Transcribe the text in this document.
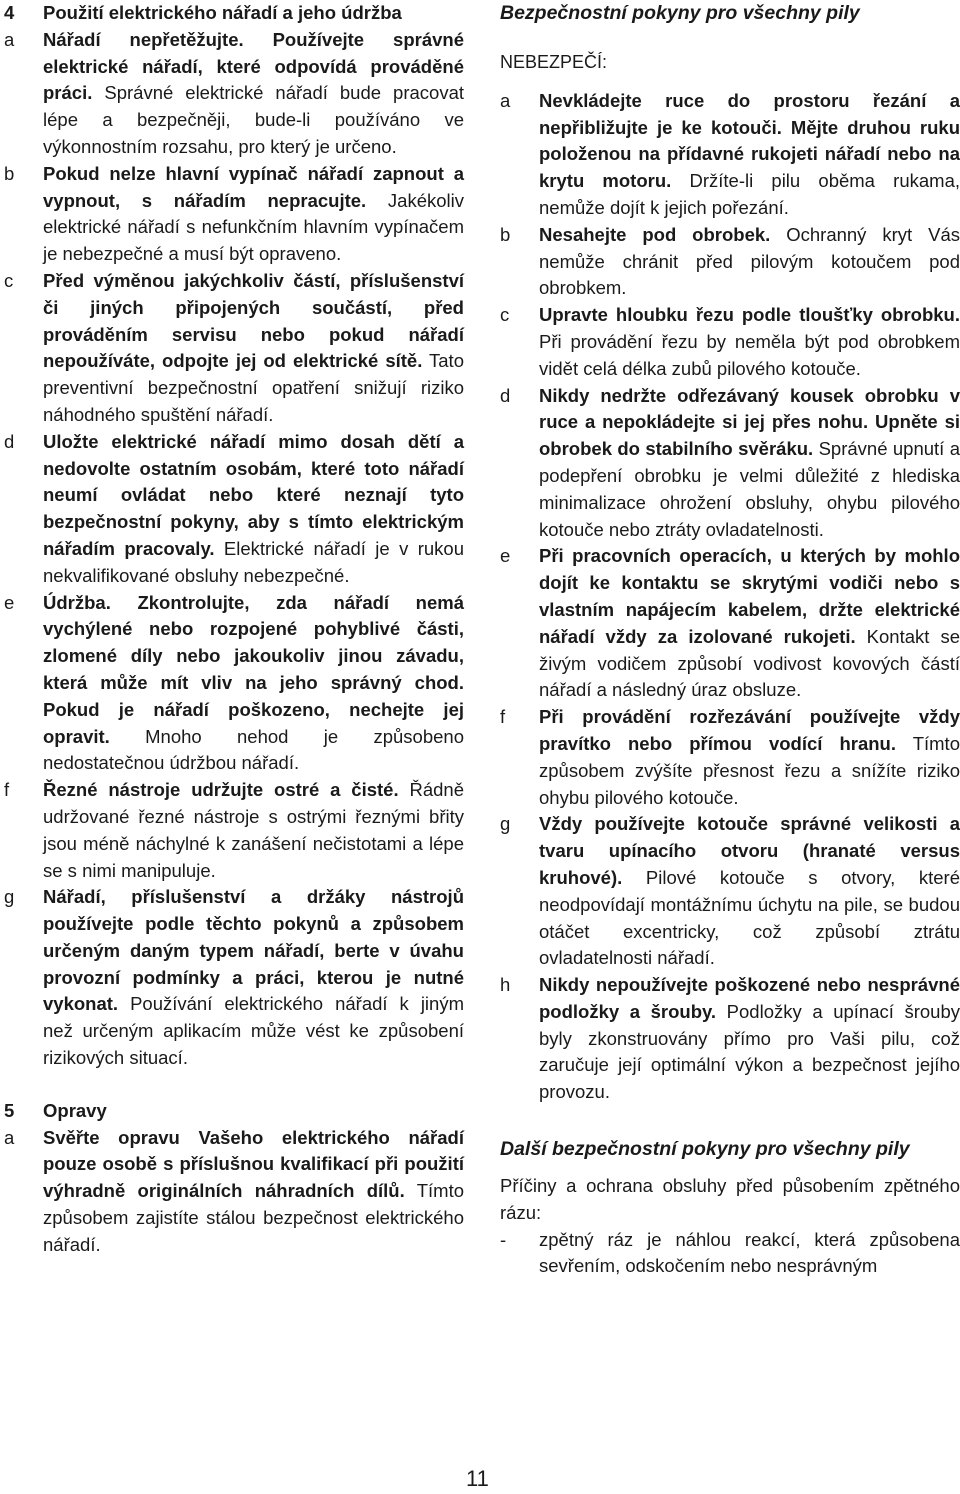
4	Použití elektrického nářadí a jeho údržba
a	Nářadí nepřetěžujte. Používejte správné elektrické nářadí, které odpovídá prováděné práci. Správné elektrické nářadí bude pracovat lépe a bezpečněji, bude-li používáno ve výkonnostním rozsahu, pro který je určeno.
b	Pokud nelze hlavní vypínač nářadí zapnout a vypnout, s nářadím nepracujte. Jakékoliv elektrické nářadí s nefunkčním hlavním vypínačem je nebezpečné a musí být opraveno.
c	Před výměnou jakýchkoliv částí, příslušenství či jiných připojených součástí, před prováděním servisu nebo pokud nářadí nepoužíváte, odpojte jej od elektrické sítě. Tato preventivní bezpečnostní opatření snižují riziko náhodného spuštění nářadí.
d	Uložte elektrické nářadí mimo dosah dětí a nedovolte ostatním osobám, které toto nářadí neumí ovládat nebo které neznají tyto bezpečnostní pokyny, aby s tímto elektrickým nářadím pracovaly. Elektrické nářadí je v rukou nekvalifikované obsluhy nebezpečné.
e	Údržba. Zkontrolujte, zda nářadí nemá vychýlené nebo rozpojené pohyblivé části, zlomené díly nebo jakoukoliv jinou závadu, která může mít vliv na jeho správný chod. Pokud je nářadí poškozeno, nechejte jej opravit. Mnoho nehod je způsobeno nedostatečnou údržbou nářadí.
f	Řezné nástroje udržujte ostré a čisté. Řádně udržované řezné nástroje s ostrými řeznými břity jsou méně náchylné k zanášení nečistotami a lépe se s nimi manipuluje.
g	Nářadí, příslušenství a držáky nástrojů používejte podle těchto pokynů a způsobem určeným daným typem nářadí, berte v úvahu provozní podmínky a práci, kterou je nutné vykonat. Používání elektrického nářadí k jiným než určeným aplikacím může vést ke způsobení rizikových situací.
5	Opravy
a	Svěřte opravu Vašeho elektrického nářadí pouze osobě s příslušnou kvalifikací při použití výhradně originálních náhradních dílů. Tímto způsobem zajistíte stálou bezpečnost elektrického nářadí.

Bezpečnostní pokyny pro všechny pily

NEBEZPEČÍ:

a	Nevkládejte ruce do prostoru řezání a nepřibližujte je ke kotouči. Mějte druhou ruku položenou na přídavné rukojeti nářadí nebo na krytu motoru. Držíte-li pilu oběma rukama, nemůže dojít k jejich pořezání.
b	Nesahejte pod obrobek. Ochranný kryt Vás nemůže chránit před pilovým kotoučem pod obrobkem.
c	Upravte hloubku řezu podle tloušťky obrobku. Při provádění řezu by neměla být pod obrobkem vidět celá délka zubů pilového kotouče.
d	Nikdy nedržte odřezávaný kousek obrobku v ruce a nepokládejte si jej přes nohu. Upněte si obrobek do stabilního svěráku. Správné upnutí a podepření obrobku je velmi důležité z hlediska minimalizace ohrožení obsluhy, ohybu pilového kotouče nebo ztráty ovladatelnosti.
e	Při pracovních operacích, u kterých by mohlo dojít ke kontaktu se skrytými vodiči nebo s vlastním napájecím kabelem, držte elektrické nářadí vždy za izolované rukojeti. Kontakt se živým vodičem způsobí vodivost kovových částí nářadí a následný úraz obsluze.
f	Při provádění rozřezávání používejte vždy pravítko nebo přímou vodící hranu. Tímto způsobem zvýšíte přesnost řezu a snížíte riziko ohybu pilového kotouče.
g	Vždy používejte kotouče správné velikosti a tvaru upínacího otvoru (hranaté versus kruhové). Pilové kotouče s otvory, které neodpovídají montážnímu úchytu na pile, se budou otáčet excentricky, což způsobí ztrátu ovladatelnosti nářadí.
h	Nikdy nepoužívejte poškozené nebo nesprávné podložky a šrouby. Podložky a upínací šrouby byly zkonstruovány přímo pro Vaši pilu, což zaručuje její optimální výkon a bezpečnost jejího provozu.

Další bezpečnostní pokyny pro všechny pily

Příčiny a ochrana obsluhy před působením zpětného rázu:

-	zpětný ráz je náhlou reakcí, která způsobena sevřením, odskočením nebo nesprávným
11
